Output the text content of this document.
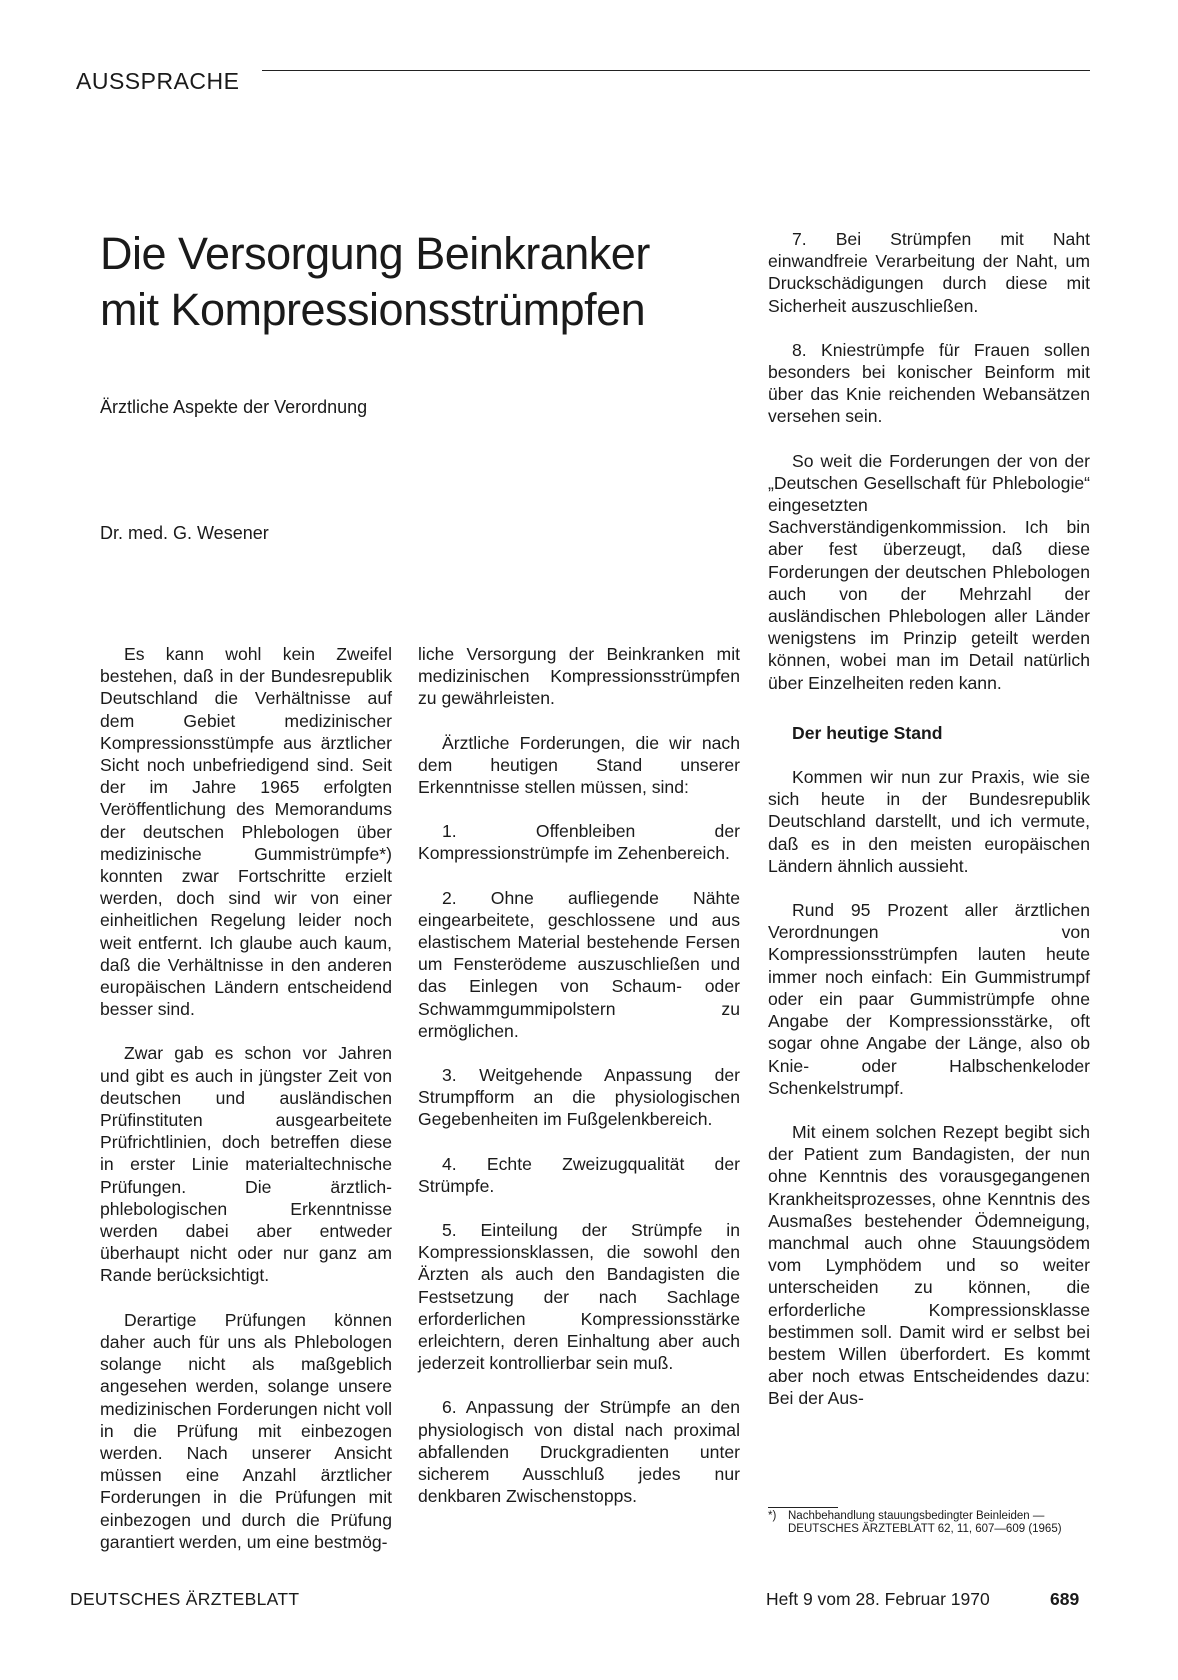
AUSSPRACHE
Die Versorgung Beinkranker
mit Kompressionsstrümpfen
Ärztliche Aspekte der Verordnung
Dr. med. G. Wesener

Es kann wohl kein Zweifel bestehen, daß in der Bundesrepublik Deutschland die Verhältnisse auf dem Gebiet medizinischer Kompressionsstümpfe aus ärztlicher Sicht noch unbefriedigend sind. Seit der im Jahre 1965 erfolgten Veröffentlichung des Memorandums der deutschen Phlebologen über medizinische Gummistrümpfe*) konnten zwar Fortschritte erzielt werden, doch sind wir von einer einheitlichen Regelung leider noch weit entfernt. Ich glaube auch kaum, daß die Verhältnisse in den anderen europäischen Ländern entscheidend besser sind.

Zwar gab es schon vor Jahren und gibt es auch in jüngster Zeit von deutschen und ausländischen Prüfinstituten ausgearbeitete Prüfrichtlinien, doch betreffen diese in erster Linie materialtechnische Prüfungen. Die ärztlich-phlebologischen Erkenntnisse werden dabei aber entweder überhaupt nicht oder nur ganz am Rande berücksichtigt.

Derartige Prüfungen können daher auch für uns als Phlebologen solange nicht als maßgeblich angesehen werden, solange unsere medizinischen Forderungen nicht voll in die Prüfung mit einbezogen werden. Nach unserer Ansicht müssen eine Anzahl ärztlicher Forderungen in die Prüfungen mit einbezogen und durch die Prüfung garantiert werden, um eine bestmög-

liche Versorgung der Beinkranken mit medizinischen Kompressionsstrümpfen zu gewährleisten.

Ärztliche Forderungen, die wir nach dem heutigen Stand unserer Erkenntnisse stellen müssen, sind:

1. Offenbleiben der Kompressionstrümpfe im Zehenbereich.

2. Ohne aufliegende Nähte eingearbeitete, geschlossene und aus elastischem Material bestehende Fersen um Fensterödeme auszuschließen und das Einlegen von Schaum- oder Schwammgummipolstern zu ermöglichen.

3. Weitgehende Anpassung der Strumpfform an die physiologischen Gegebenheiten im Fußgelenkbereich.

4. Echte Zweizugqualität der Strümpfe.

5. Einteilung der Strümpfe in Kompressionsklassen, die sowohl den Ärzten als auch den Bandagisten die Festsetzung der nach Sachlage erforderlichen Kompressionsstärke erleichtern, deren Einhaltung aber auch jederzeit kontrollierbar sein muß.

6. Anpassung der Strümpfe an den physiologisch von distal nach proximal abfallenden Druckgradienten unter sicherem Ausschluß jedes nur denkbaren Zwischenstopps.

7. Bei Strümpfen mit Naht einwandfreie Verarbeitung der Naht, um Druckschädigungen durch diese mit Sicherheit auszuschließen.

8. Kniestrümpfe für Frauen sollen besonders bei konischer Beinform mit über das Knie reichenden Webansätzen versehen sein.

So weit die Forderungen der von der „Deutschen Gesellschaft für Phlebologie“ eingesetzten Sachverständigenkommission. Ich bin aber fest überzeugt, daß diese Forderungen der deutschen Phlebologen auch von der Mehrzahl der ausländischen Phlebologen aller Länder wenigstens im Prinzip geteilt werden können, wobei man im Detail natürlich über Einzelheiten reden kann.

Der heutige Stand

Kommen wir nun zur Praxis, wie sie sich heute in der Bundesrepublik Deutschland darstellt, und ich vermute, daß es in den meisten europäischen Ländern ähnlich aussieht.

Rund 95 Prozent aller ärztlichen Verordnungen von Kompressionsstrümpfen lauten heute immer noch einfach: Ein Gummistrumpf oder ein paar Gummistrümpfe ohne Angabe der Kompressionsstärke, oft sogar ohne Angabe der Länge, also ob Knie- oder Halbschenkeloder Schenkelstrumpf.

Mit einem solchen Rezept begibt sich der Patient zum Bandagisten, der nun ohne Kenntnis des vorausgegangenen Krankheitsprozesses, ohne Kenntnis des Ausmaßes bestehender Ödemneigung, manchmal auch ohne Stauungsödem vom Lymphödem und so weiter unterscheiden zu können, die erforderliche Kompressionsklasse bestimmen soll. Damit wird er selbst bei bestem Willen überfordert. Es kommt aber noch etwas Entscheidendes dazu: Bei der Aus-

*) Nachbehandlung stauungsbedingter Beinleiden — DEUTSCHES ÄRZTEBLATT 62, 11, 607—609 (1965)
DEUTSCHES ÄRZTEBLATT	Heft 9 vom 28. Februar 1970	689
